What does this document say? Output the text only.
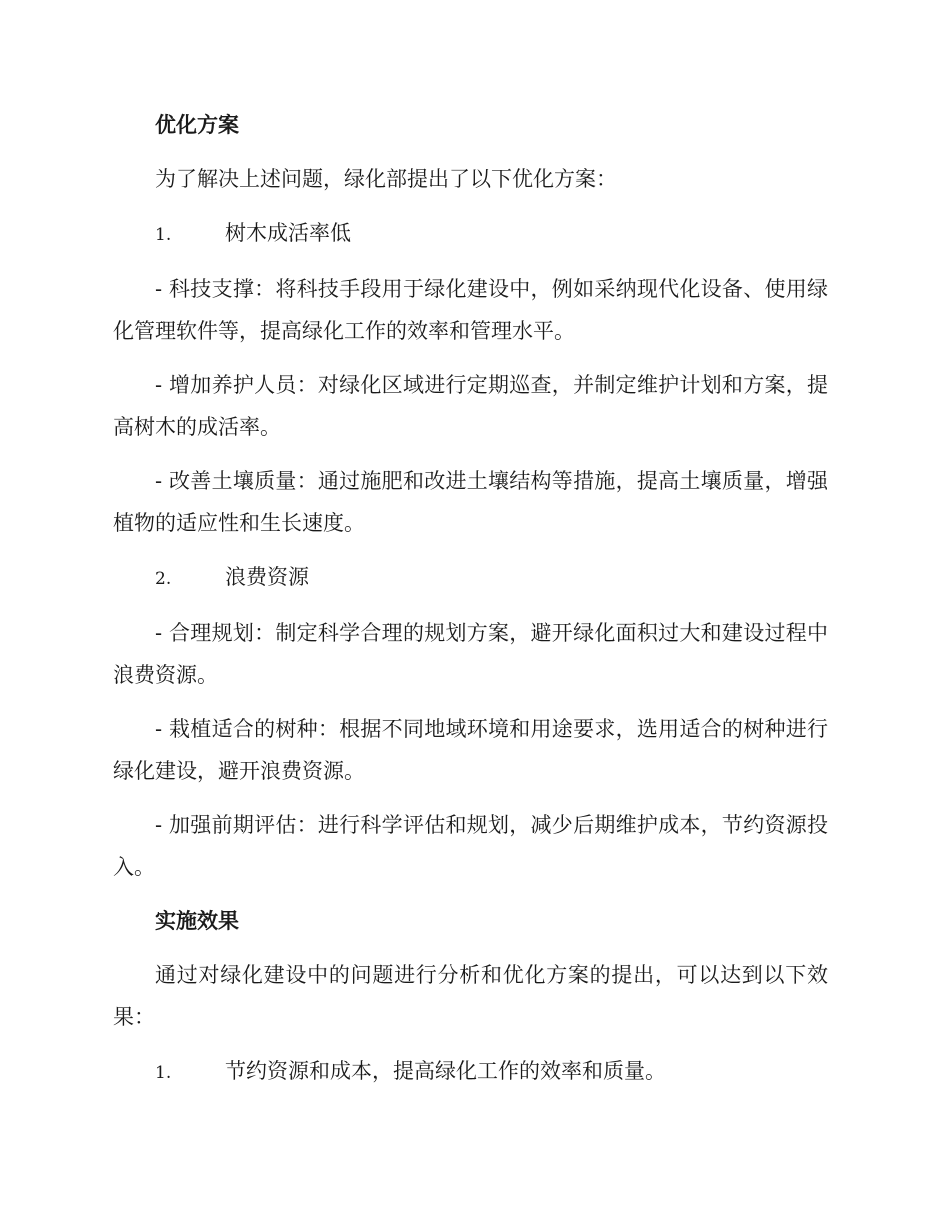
优化方案
为了解决上述问题，绿化部提出了以下优化方案：
1.	树木成活率低
- 科技支撑：将科技手段用于绿化建设中，例如采纳现代化设备、使用绿化管理软件等，提高绿化工作的效率和管理水平。
- 增加养护人员：对绿化区域进行定期巡查，并制定维护计划和方案，提高树木的成活率。
- 改善土壤质量：通过施肥和改进土壤结构等措施，提高土壤质量，增强植物的适应性和生长速度。
2.	浪费资源
- 合理规划：制定科学合理的规划方案，避开绿化面积过大和建设过程中浪费资源。
- 栽植适合的树种：根据不同地域环境和用途要求，选用适合的树种进行绿化建设，避开浪费资源。
- 加强前期评估：进行科学评估和规划，减少后期维护成本，节约资源投入。
实施效果
通过对绿化建设中的问题进行分析和优化方案的提出，可以达到以下效果：
1.	节约资源和成本，提高绿化工作的效率和质量。
